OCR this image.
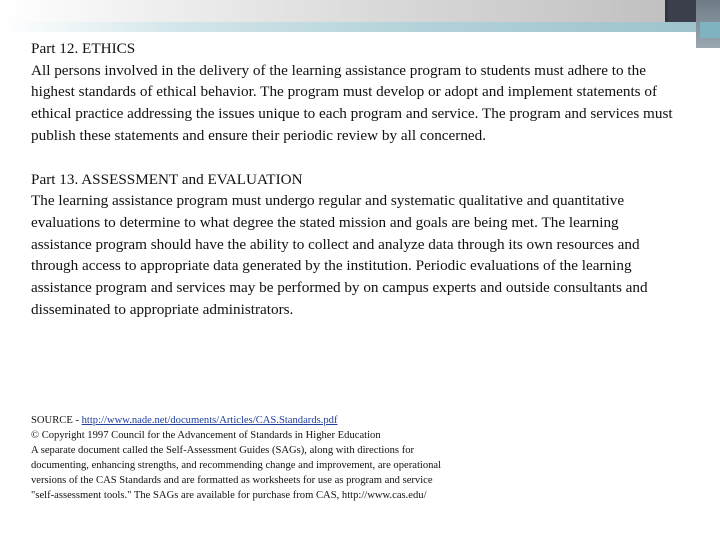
Part 12. ETHICS
All persons involved in the delivery of the learning assistance program to students must adhere to the highest standards of ethical behavior. The program must develop or adopt and implement statements of ethical practice addressing the issues unique to each program and service. The program and services must publish these statements and ensure their periodic review by all concerned.

Part 13. ASSESSMENT and EVALUATION
The learning assistance program must undergo regular and systematic qualitative and quantitative evaluations to determine to what degree the stated mission and goals are being met. The learning assistance program should have the ability to collect and analyze data through its own resources and through access to appropriate data generated by the institution. Periodic evaluations of the learning assistance program and services may be performed by on campus experts and outside consultants and disseminated to appropriate administrators.

SOURCE - http://www.nade.net/documents/Articles/CAS.Standards.pdf
© Copyright 1997 Council for the Advancement of Standards in Higher Education
A separate document called the Self-Assessment Guides (SAGs), along with directions for
documenting, enhancing strengths, and recommending change and improvement, are operational
versions of the CAS Standards and are formatted as worksheets for use as program and service
"self-assessment tools." The SAGs are available for purchase from CAS, http://www.cas.edu/
